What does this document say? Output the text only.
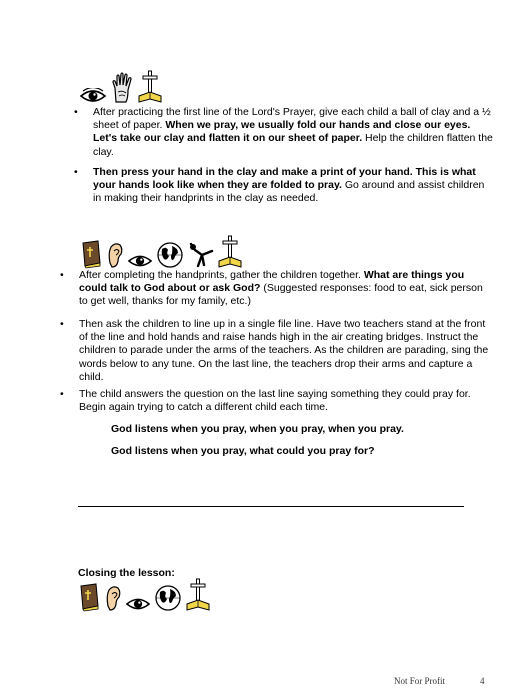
• After practicing the first line of the Lord's Prayer, give each child a ball of clay and a ½ sheet of paper. When we pray, we usually fold our hands and close our eyes. Let's take our clay and flatten it on our sheet of paper. Help the children flatten the clay.
• Then press your hand in the clay and make a print of your hand. This is what your hands look like when they are folded to pray. Go around and assist children in making their handprints in the clay as needed.
• After completing the handprints, gather the children together. What are things you could talk to God about or ask God? (Suggested responses: food to eat, sick person to get well, thanks for my family, etc.)
• Then ask the children to line up in a single file line. Have two teachers stand at the front of the line and hold hands and raise hands high in the air creating bridges. Instruct the children to parade under the arms of the teachers. As the children are parading, sing the words below to any tune. On the last line, the teachers drop their arms and capture a child.
• The child answers the question on the last line saying something they could pray for. Begin again trying to catch a different child each time.
God listens when you pray, when you pray, when you pray.
God listens when you pray, what could you pray for?
Closing the lesson:
Not For Profit	4
